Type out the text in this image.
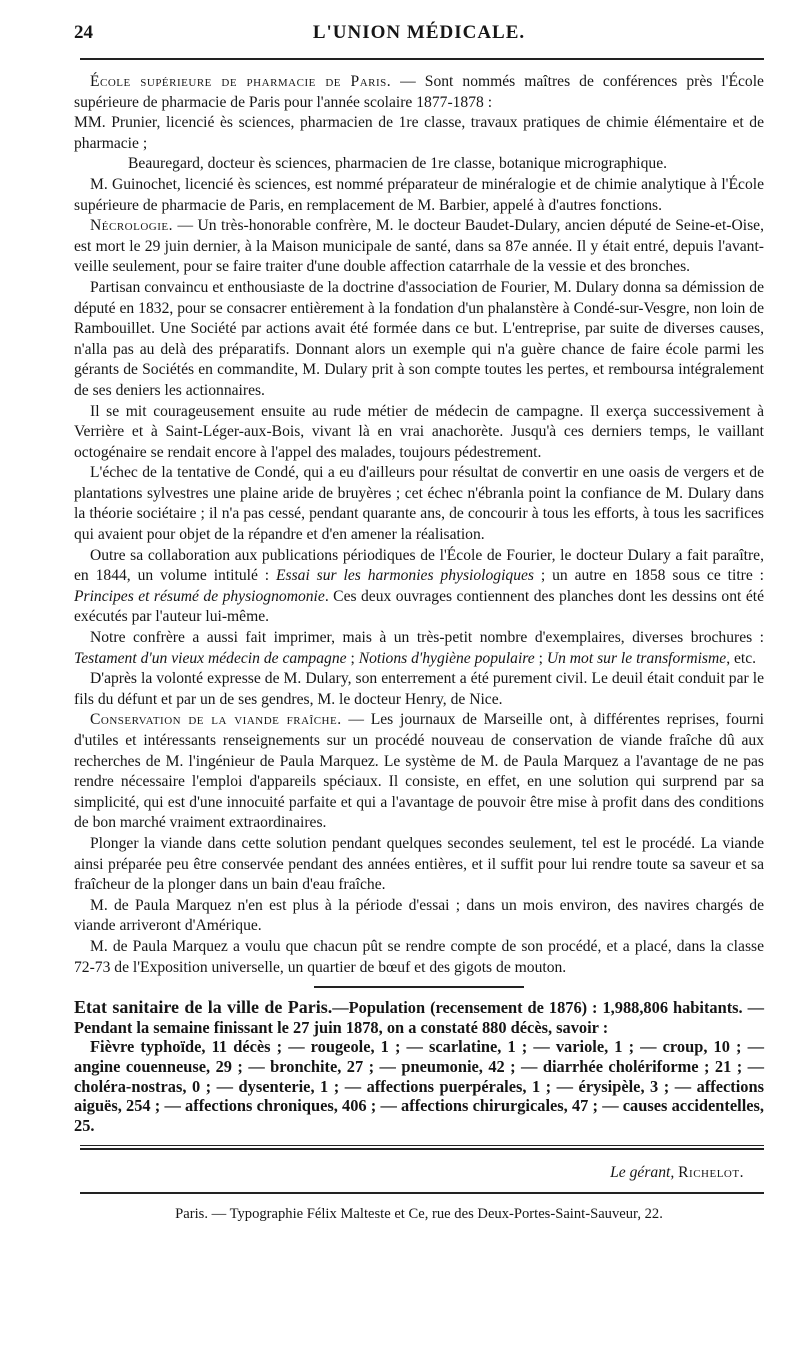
24	L'UNION MÉDICALE.

École supérieure de pharmacie de Paris. — Sont nommés maîtres de conférences près l'École supérieure de pharmacie de Paris pour l'année scolaire 1877-1878 :

MM. Prunier, licencié ès sciences, pharmacien de 1re classe, travaux pratiques de chimie élémentaire et de pharmacie ;

Beauregard, docteur ès sciences, pharmacien de 1re classe, botanique micrographique.

M. Guinochet, licencié ès sciences, est nommé préparateur de minéralogie et de chimie analytique à l'École supérieure de pharmacie de Paris, en remplacement de M. Barbier, appelé à d'autres fonctions.

Nécrologie. — Un très-honorable confrère, M. le docteur Baudet-Dulary, ancien député de Seine-et-Oise, est mort le 29 juin dernier, à la Maison municipale de santé, dans sa 87e année. Il y était entré, depuis l'avant-veille seulement, pour se faire traiter d'une double affection catarrhale de la vessie et des bronches.

Partisan convaincu et enthousiaste de la doctrine d'association de Fourier, M. Dulary donna sa démission de député en 1832, pour se consacrer entièrement à la fondation d'un phalanstère à Condé-sur-Vesgre, non loin de Rambouillet. Une Société par actions avait été formée dans ce but. L'entreprise, par suite de diverses causes, n'alla pas au delà des préparatifs. Donnant alors un exemple qui n'a guère chance de faire école parmi les gérants de Sociétés en commandite, M. Dulary prit à son compte toutes les pertes, et remboursa intégralement de ses deniers les actionnaires.

Il se mit courageusement ensuite au rude métier de médecin de campagne. Il exerça successivement à Verrière et à Saint-Léger-aux-Bois, vivant là en vrai anachorète. Jusqu'à ces derniers temps, le vaillant octogénaire se rendait encore à l'appel des malades, toujours pédestrement.

L'échec de la tentative de Condé, qui a eu d'ailleurs pour résultat de convertir en une oasis de vergers et de plantations sylvestres une plaine aride de bruyères ; cet échec n'ébranla point la confiance de M. Dulary dans la théorie sociétaire ; il n'a pas cessé, pendant quarante ans, de concourir à tous les efforts, à tous les sacrifices qui avaient pour objet de la répandre et d'en amener la réalisation.

Outre sa collaboration aux publications périodiques de l'École de Fourier, le docteur Dulary a fait paraître, en 1844, un volume intitulé : Essai sur les harmonies physiologiques ; un autre en 1858 sous ce titre : Principes et résumé de physiognomonie. Ces deux ouvrages contiennent des planches dont les dessins ont été exécutés par l'auteur lui-même.

Notre confrère a aussi fait imprimer, mais à un très-petit nombre d'exemplaires, diverses brochures : Testament d'un vieux médecin de campagne ; Notions d'hygiène populaire ; Un mot sur le transformisme, etc.

D'après la volonté expresse de M. Dulary, son enterrement a été purement civil. Le deuil était conduit par le fils du défunt et par un de ses gendres, M. le docteur Henry, de Nice.

Conservation de la viande fraîche. — Les journaux de Marseille ont, à différentes reprises, fourni d'utiles et intéressants renseignements sur un procédé nouveau de conservation de viande fraîche dû aux recherches de M. l'ingénieur de Paula Marquez. Le système de M. de Paula Marquez a l'avantage de ne pas rendre nécessaire l'emploi d'appareils spéciaux. Il consiste, en effet, en une solution qui surprend par sa simplicité, qui est d'une innocuité parfaite et qui a l'avantage de pouvoir être mise à profit dans des conditions de bon marché vraiment extraordinaires.

Plonger la viande dans cette solution pendant quelques secondes seulement, tel est le procédé. La viande ainsi préparée peu être conservée pendant des années entières, et il suffit pour lui rendre toute sa saveur et sa fraîcheur de la plonger dans un bain d'eau fraîche.

M. de Paula Marquez n'en est plus à la période d'essai ; dans un mois environ, des navires chargés de viande arriveront d'Amérique.

M. de Paula Marquez a voulu que chacun pût se rendre compte de son procédé, et a placé, dans la classe 72-73 de l'Exposition universelle, un quartier de bœuf et des gigots de mouton.

Etat sanitaire de la ville de Paris.—Population (recensement de 1876) : 1,988,806 habitants. — Pendant la semaine finissant le 27 juin 1878, on a constaté 880 décès, savoir :

Fièvre typhoïde, 11 décès ; — rougeole, 1 ; — scarlatine, 1 ; — variole, 1 ; — croup, 10 ; — angine couenneuse, 29 ; — bronchite, 27 ; — pneumonie, 42 ; — diarrhée cholériforme ; 21 ; — choléra-nostras, 0 ; — dysenterie, 1 ; — affections puerpérales, 1 ; — érysipèle, 3 ; — affections aiguës, 254 ; — affections chroniques, 406 ; — affections chirurgicales, 47 ; — causes accidentelles, 25.

Le gérant, Richelot.
Paris. — Typographie Félix Malteste et Ce, rue des Deux-Portes-Saint-Sauveur, 22.
